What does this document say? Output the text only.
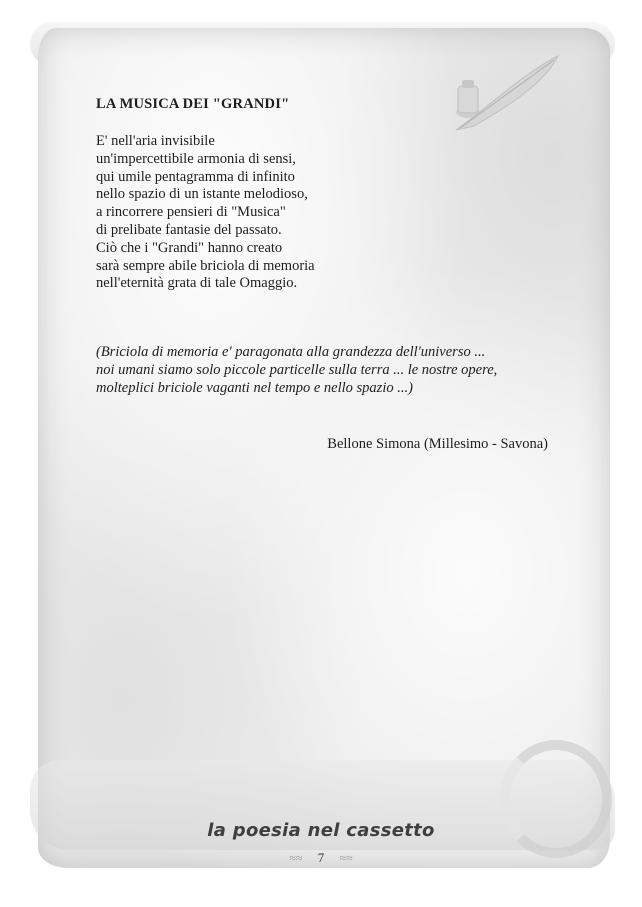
LA MUSICA DEI "GRANDI"
E' nell'aria invisibile
un'impercettibile armonia di sensi,
qui umile pentagramma di infinito
nello spazio di un istante melodioso,
a rincorrere pensieri di "Musica"
di prelibate fantasie del passato.
Ciò che i "Grandi" hanno creato
sarà sempre abile briciola di memoria
nell'eternità grata di tale Omaggio.
(Briciola di memoria e' paragonata alla grandezza dell'universo ...
noi umani siamo solo piccole particelle sulla terra ... le nostre opere,
molteplici briciole vaganti nel tempo e nello spazio ...)
Bellone Simona (Millesimo - Savona)
la poesia nel cassetto
≈≈ 7 ≈≈
